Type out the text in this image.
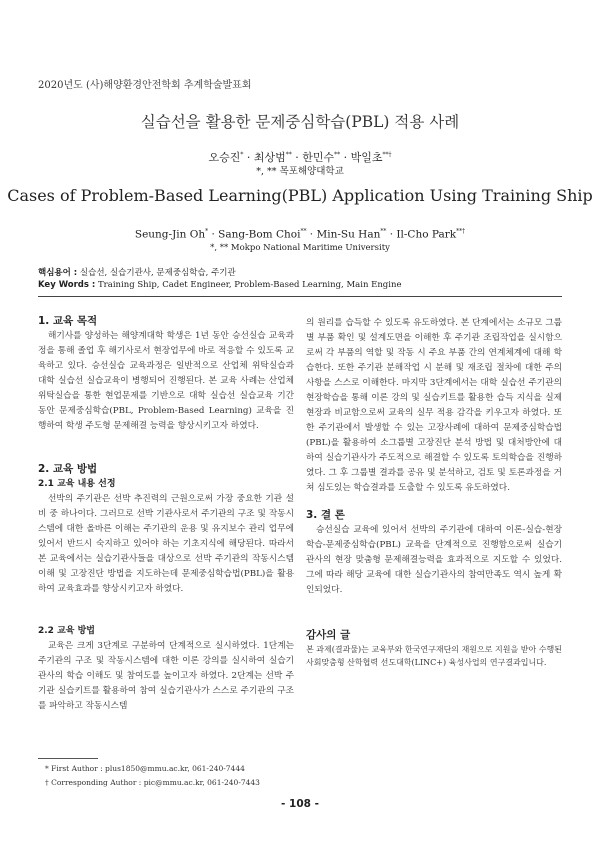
2020년도 (사)해양환경안전학회 추계학술발표회
실습선을 활용한 문제중심학습(PBL) 적용 사례
오승진* · 최상범** · 한민수** · 박일초**†
*, ** 목포해양대학교
Cases of Problem-Based Learning(PBL) Application Using Training Ship
Seung-Jin Oh* · Sang-Bom Choi** · Min-Su Han** · Il-Cho Park**†
*, ** Mokpo National Maritime University
핵심용어 : 실습선, 실습기관사, 문제중심학습, 주기관
Key Words : Training Ship, Cadet Engineer, Problem-Based Learning, Main Engine
1. 교육 목적
해기사를 양성하는 해양계대학 학생은 1년 동안 승선실습 교육과정을 통해 졸업 후 해기사로서 현장업무에 바로 적응할 수 있도록 교육하고 있다. 승선실습 교육과정은 일반적으로 산업체 위탁실습과 대학 실습선 실습교육이 병행되어 진행된다. 본 교육 사례는 산업체 위탁실습을 통한 현업문제를 기반으로 대학 실습선 실습교육 기간 동안 문제중심학습(PBL, Problem-Based Learning) 교육을 진행하여 학생 주도형 문제해결 능력을 향상시키고자 하였다.
2. 교육 방법
2.1 교육 내용 선정
선박의 주기관은 선박 추진력의 근원으로써 가장 중요한 기관 설비 중 하나이다. 그러므로 선박 기관사로서 주기관의 구조 및 작동시스템에 대한 올바른 이해는 주기관의 운용 및 유지보수 관리 업무에 있어서 반드시 숙지하고 있어야 하는 기초지식에 해당된다. 따라서 본 교육에서는 실습기관사들을 대상으로 선박 주기관의 작동시스템 이해 및 고장진단 방법을 지도하는데 문제중심학습법(PBL)을 활용하여 교육효과를 향상시키고자 하였다.
2.2 교육 방법
교육은 크게 3단계로 구분하여 단계적으로 실시하였다. 1단계는 주기관의 구조 및 작동시스템에 대한 이론 강의를 실시하여 실습기관사의 학습 이해도 및 참여도를 높이고자 하였다. 2단계는 선박 주기관 실습키트를 활용하여 참여 실습기관사가 스스로 주기관의 구조를 파악하고 작동시스템
의 원리를 습득할 수 있도록 유도하였다. 본 단계에서는 소규모 그룹별 부품 확인 및 설계도면을 이해한 후 주기관 조립작업을 실시함으로써 각 부품의 역할 및 작동 시 주요 부품 간의 연계체계에 대해 학습한다. 또한 주기관 분해작업 시 분해 및 재조립 절차에 대한 주의사항을 스스로 이해한다. 마지막 3단계에서는 대학 실습선 주기관의 현장학습을 통해 이론 강의 및 실습키트를 활용한 습득 지식을 실제 현장과 비교함으로써 교육의 실무 적용 감각을 키우고자 하였다. 또한 주기관에서 발생할 수 있는 고장사례에 대하여 문제중심학습법(PBL)을 활용하여 소그룹별 고장진단 분석 방법 및 대처방안에 대하여 실습기관사가 주도적으로 해결할 수 있도록 토의학습을 진행하였다. 그 후 그룹별 결과를 공유 및 분석하고, 검토 및 토론과정을 거쳐 심도있는 학습결과를 도출할 수 있도록 유도하였다.
3. 결 론
승선실습 교육에 있어서 선박의 주기관에 대하여 이론-실습-현장학습-문제중심학습(PBL) 교육을 단계적으로 진행함으로써 실습기관사의 현장 맞춤형 문제해결능력을 효과적으로 지도할 수 있었다. 그에 따라 해당 교육에 대한 실습기관사의 참여만족도 역시 높게 확인되었다.
감사의 글
본 과제(결과물)는 교육부와 한국연구재단의 재원으로 지원을 받아 수행된 사회맞춤형 산학협력 선도대학(LINC+) 육성사업의 연구결과입니다.
* First Author : plus1850@mmu.ac.kr, 061-240-7444
† Corresponding Author : pic@mmu.ac.kr, 061-240-7443
- 108 -
